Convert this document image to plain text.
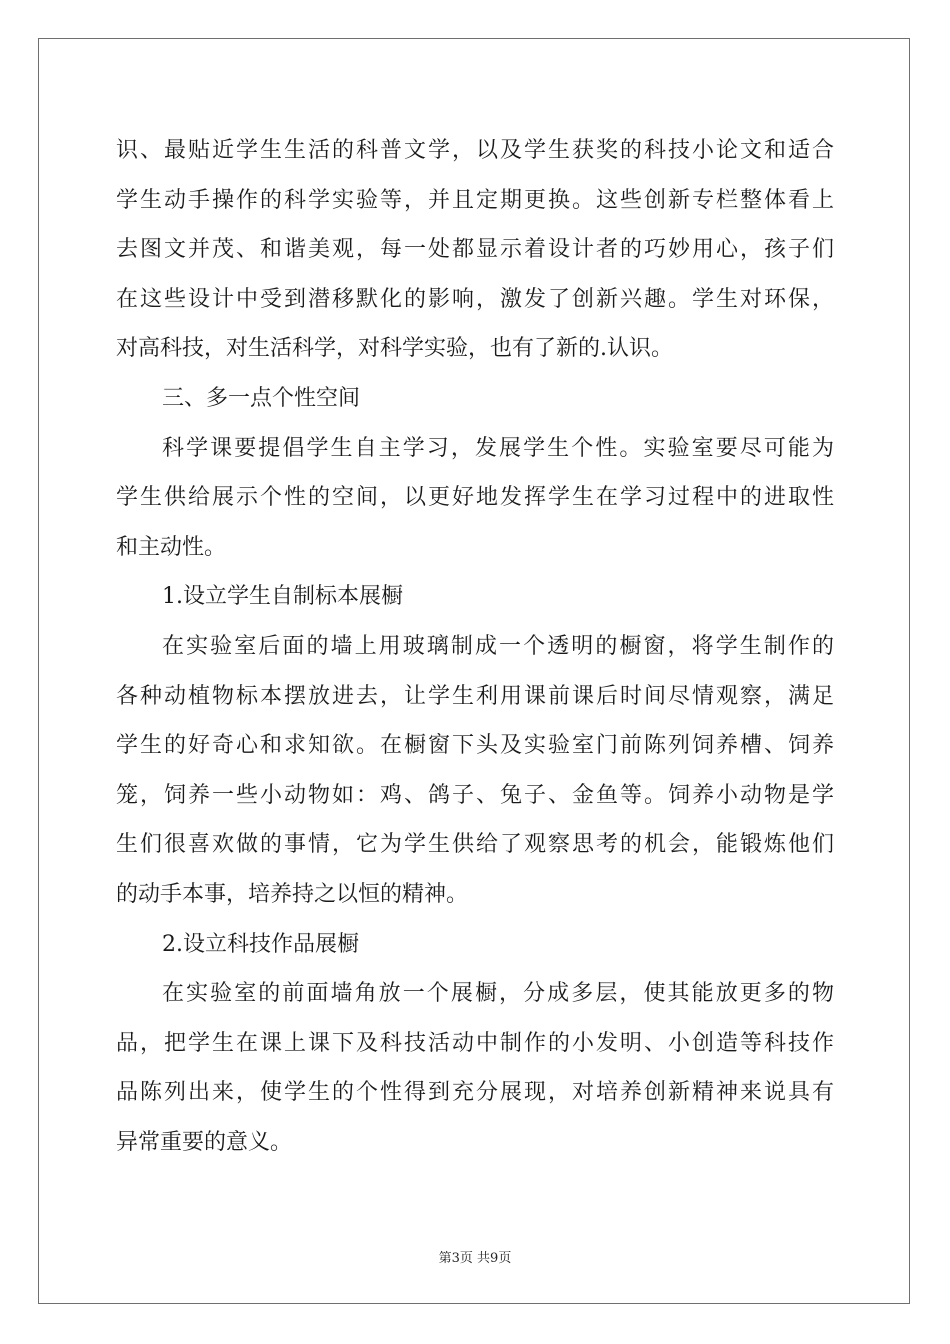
识、最贴近学生生活的科普文学，以及学生获奖的科技小论文和适合
学生动手操作的科学实验等，并且定期更换。这些创新专栏整体看上
去图文并茂、和谐美观，每一处都显示着设计者的巧妙用心，孩子们
在这些设计中受到潜移默化的影响，激发了创新兴趣。学生对环保，
对高科技，对生活科学，对科学实验，也有了新的.认识。
三、多一点个性空间
科学课要提倡学生自主学习，发展学生个性。实验室要尽可能为
学生供给展示个性的空间，以更好地发挥学生在学习过程中的进取性
和主动性。
1.设立学生自制标本展橱
在实验室后面的墙上用玻璃制成一个透明的橱窗，将学生制作的
各种动植物标本摆放进去，让学生利用课前课后时间尽情观察，满足
学生的好奇心和求知欲。在橱窗下头及实验室门前陈列饲养槽、饲养
笼，饲养一些小动物如：鸡、鸽子、兔子、金鱼等。饲养小动物是学
生们很喜欢做的事情，它为学生供给了观察思考的机会，能锻炼他们
的动手本事，培养持之以恒的精神。
2.设立科技作品展橱
在实验室的前面墙角放一个展橱，分成多层，使其能放更多的物
品，把学生在课上课下及科技活动中制作的小发明、小创造等科技作
品陈列出来，使学生的个性得到充分展现，对培养创新精神来说具有
异常重要的意义。
第3页 共9页
